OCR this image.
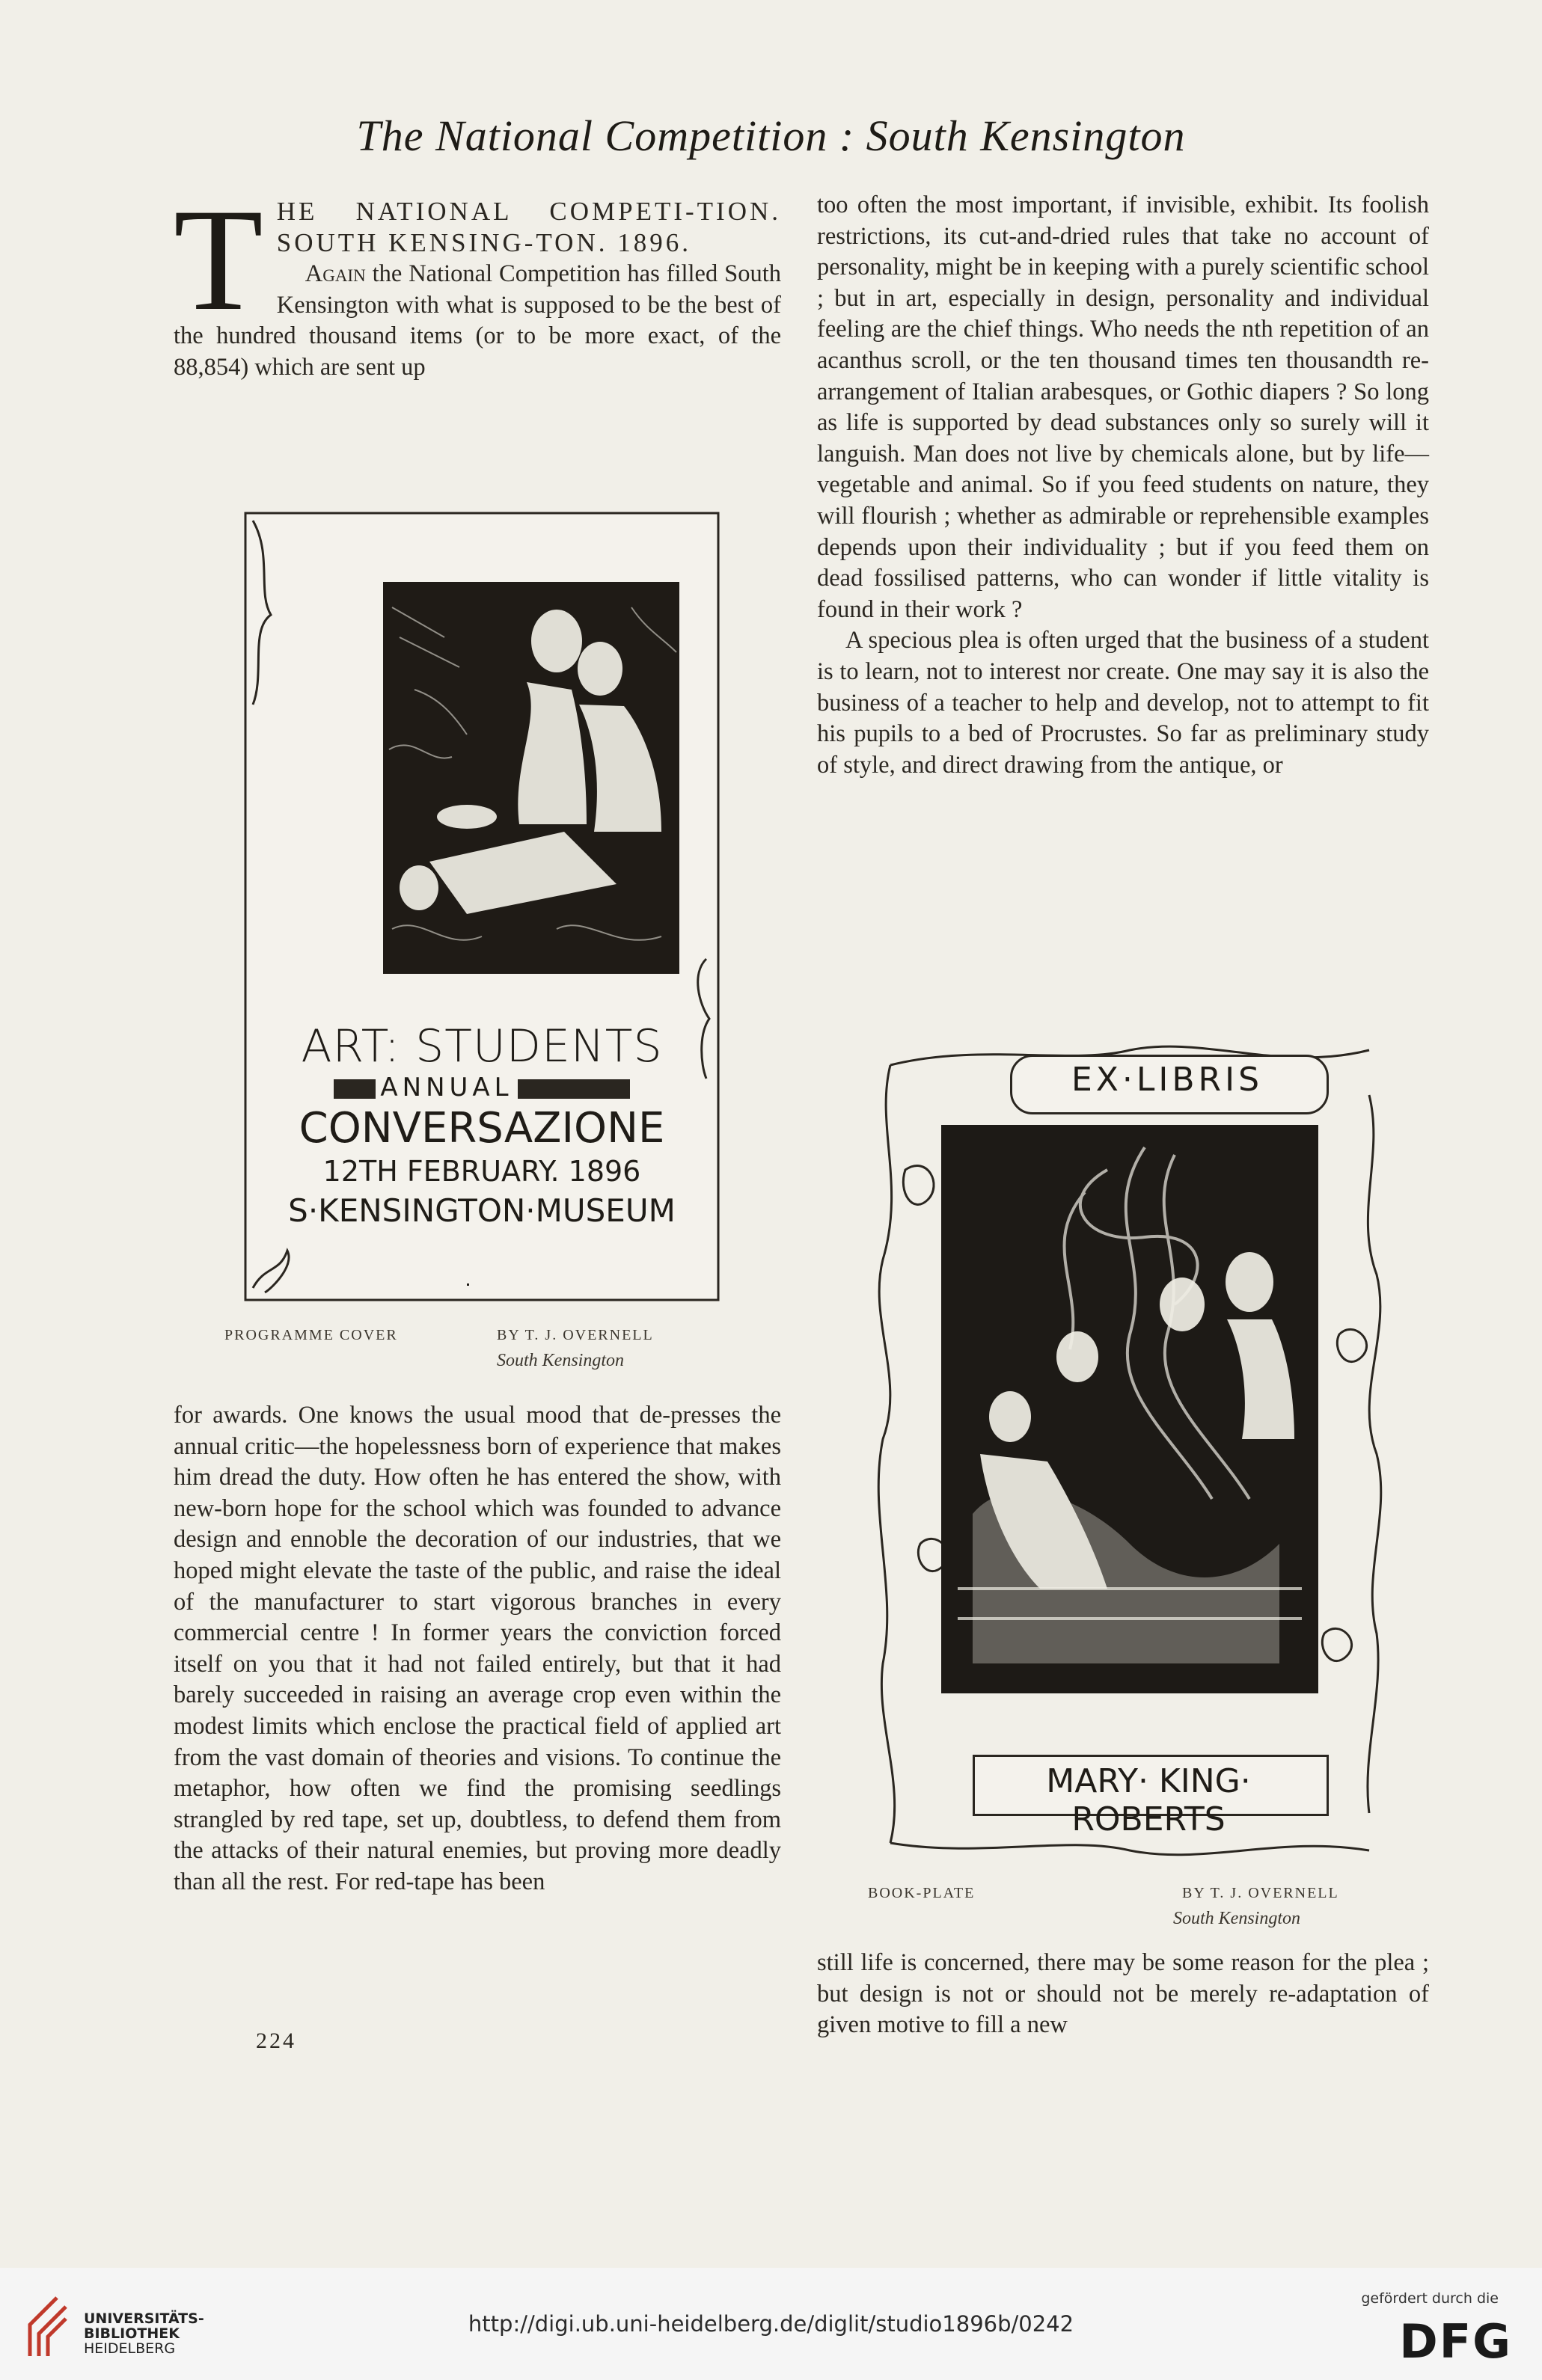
The National Competition : South Kensington
T HE NATIONAL COMPETI-TION. SOUTH KENSING-TON. 1896.

Again the National Competition has filled South Kensington with what is supposed to be the best of the hundred thousand items (or to be more exact, of the 88,854) which are sent up

ART: STUDENTS
ANNUAL
CONVERSAZIONE
12TH FEBRUARY. 1896
S·KENSINGTON·MUSEUM
PROGRAMME COVER	BY T. J. OVERNELL
South Kensington

for awards. One knows the usual mood that de-presses the annual critic—the hopelessness born of experience that makes him dread the duty. How often he has entered the show, with new-born hope for the school which was founded to advance design and ennoble the decoration of our industries, that we hoped might elevate the taste of the public, and raise the ideal of the manufacturer to start vigorous branches in every commercial centre ! In former years the conviction forced itself on you that it had not failed entirely, but that it had barely succeeded in raising an average crop even within the modest limits which enclose the practical field of applied art from the vast domain of theories and visions. To continue the metaphor, how often we find the promising seedlings strangled by red tape, set up, doubtless, to defend them from the attacks of their natural enemies, but proving more deadly than all the rest. For red-tape has been

224

too often the most important, if invisible, exhibit. Its foolish restrictions, its cut-and-dried rules that take no account of personality, might be in keeping with a purely scientific school ; but in art, especially in design, personality and individual feeling are the chief things. Who needs the nth repetition of an acanthus scroll, or the ten thousand times ten thousandth re-arrangement of Italian arabesques, or Gothic diapers ? So long as life is supported by dead substances only so surely will it languish. Man does not live by chemicals alone, but by life—vegetable and animal. So if you feed students on nature, they will flourish ; whether as admirable or reprehensible examples depends upon their individuality ; but if you feed them on dead fossilised patterns, who can wonder if little vitality is found in their work ?

A specious plea is often urged that the business of a student is to learn, not to interest nor create. One may say it is also the business of a teacher to help and develop, not to attempt to fit his pupils to a bed of Procrustes. So far as preliminary study of style, and direct drawing from the antique, or

EX·LIBRIS
MARY· KING· ROBERTS
BOOK-PLATE	BY T. J. OVERNELL
South Kensington

still life is concerned, there may be some reason for the plea ; but design is not or should not be merely re-adaptation of given motive to fill a new

UNIVERSITÄTS-
BIBLIOTHEK
HEIDELBERG
http://digi.ub.uni-heidelberg.de/diglit/studio1896b/0242
gefördert durch die
DFG
